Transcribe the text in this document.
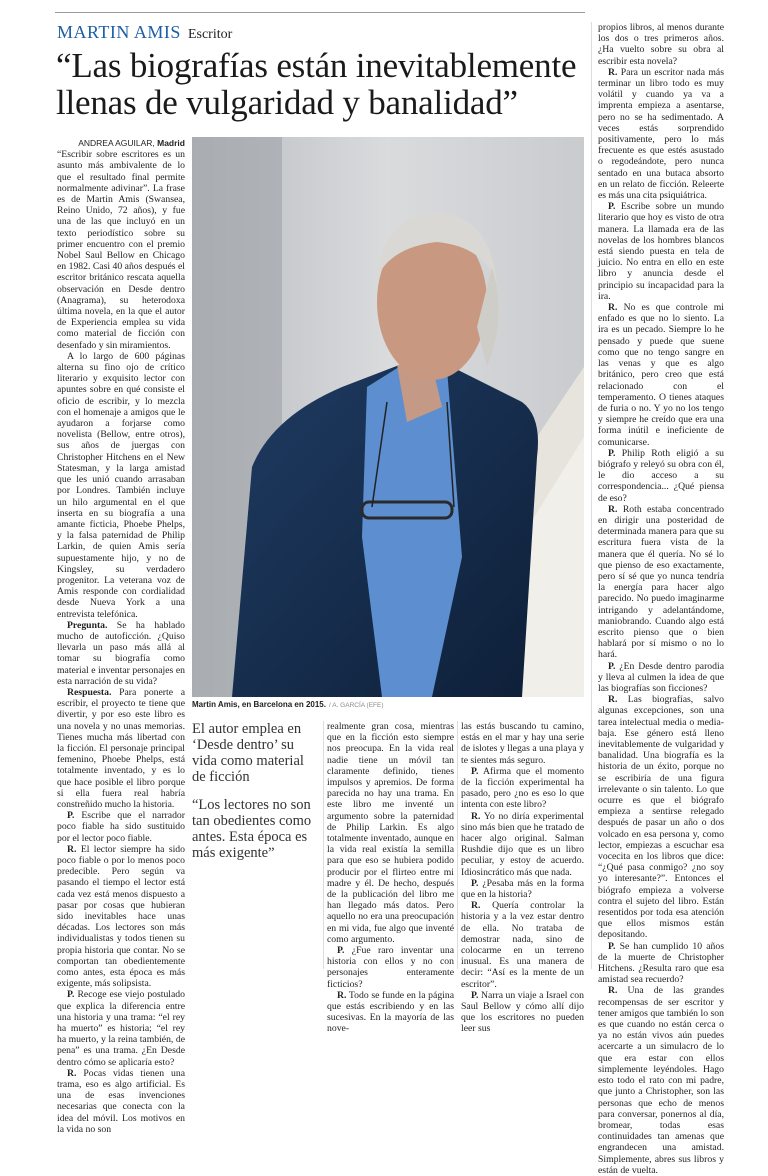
MARTIN AMIS Escritor
“Las biografías están inevitablemente llenas de vulgaridad y banalidad”

ANDREA AGUILAR, Madrid

“Escribir sobre escritores es un asunto más ambivalente de lo que el resultado final permite normalmente adivinar”. La frase es de Martin Amis (Swansea, Reino Unido, 72 años), y fue una de las que incluyó en un texto periodístico sobre su primer encuentro con el premio Nobel Saul Bellow en Chicago en 1982. Casi 40 años después el escritor británico rescata aquella observación en Desde dentro (Anagrama), su heterodoxa última novela, en la que el autor de Experiencia emplea su vida como material de ficción con desenfado y sin miramientos.

A lo largo de 600 páginas alterna su fino ojo de crítico literario y exquisito lector con apuntes sobre en qué consiste el oficio de escribir, y lo mezcla con el homenaje a amigos que le ayudaron a forjarse como novelista (Bellow, entre otros), sus años de juergas con Christopher Hitchens en el New Statesman, y la larga amistad que les unió cuando arrasaban por Londres. También incluye un hilo argumental en el que inserta en su biografía a una amante ficticia, Phoebe Phelps, y la falsa paternidad de Philip Larkin, de quien Amis sería supuestamente hijo, y no de Kingsley, su verdadero progenitor. La veterana voz de Amis responde con cordialidad desde Nueva York a una entrevista telefónica.

Pregunta. Se ha hablado mucho de autoficción. ¿Quiso llevarla un paso más allá al tomar su biografía como material e inventar personajes en esta narración de su vida?

Respuesta. Para ponerte a escribir, el proyecto te tiene que divertir, y por eso este libro es una novela y no unas memorias. Tienes mucha más libertad con la ficción. El personaje principal femenino, Phoebe Phelps, está totalmente inventado, y es lo que hace posible el libro porque si ella fuera real habría constreñido mucho la historia.

P. Escribe que el narrador poco fiable ha sido sustituido por el lector poco fiable.

R. El lector siempre ha sido poco fiable o por lo menos poco predecible. Pero según va pasando el tiempo el lector está cada vez está menos dispuesto a pasar por cosas que hubieran sido inevitables hace unas décadas. Los lectores son más individualistas y todos tienen su propia historia que contar. No se comportan tan obedientemente como antes, esta época es más exigente, más solipsista.

P. Recoge ese viejo postulado que explica la diferencia entre una historia y una trama: “el rey ha muerto” es historia; “el rey ha muerto, y la reina también, de pena” es una trama. ¿En Desde dentro cómo se aplicaría esto?

R. Pocas vidas tienen una trama, eso es algo artificial. Es una de esas invenciones necesarias que conecta con la idea del móvil. Los motivos en la vida no son

Martin Amis, en Barcelona en 2015. / A. GARCÍA (EFE)

El autor emplea en ‘Desde dentro’ su vida como material de ficción

“Los lectores no son tan obedientes como antes. Esta época es más exigente”

realmente gran cosa, mientras que en la ficción esto siempre nos preocupa. En la vida real nadie tiene un móvil tan claramente definido, tienes impulsos y apremios. De forma parecida no hay una trama. En este libro me inventé un argumento sobre la paternidad de Philip Larkin. Es algo totalmente inventado, aunque en la vida real existía la semilla para que eso se hubiera podido producir por el flirteo entre mi madre y él. De hecho, después de la publicación del libro me han llegado más datos. Pero aquello no era una preocupación en mi vida, fue algo que inventé como argumento.

P. ¿Fue raro inventar una historia con ellos y no con personajes enteramente ficticios?

R. Todo se funde en la página que estás escribiendo y en las sucesivas. En la mayoría de las nove-

las estás buscando tu camino, estás en el mar y hay una serie de islotes y llegas a una playa y te sientes más seguro.

P. Afirma que el momento de la ficción experimental ha pasado, pero ¿no es eso lo que intenta con este libro?

R. Yo no diría experimental sino más bien que he tratado de hacer algo original. Salman Rushdie dijo que es un libro peculiar, y estoy de acuerdo. Idiosincrático más que nada.

P. ¿Pesaba más en la forma que en la historia?

R. Quería controlar la historia y a la vez estar dentro de ella. No trataba de demostrar nada, sino de colocarme en un terreno inusual. Es una manera de decir: “Así es la mente de un escritor”.

P. Narra un viaje a Israel con Saul Bellow y cómo allí dijo que los escritores no pueden leer sus

propios libros, al menos durante los dos o tres primeros años. ¿Ha vuelto sobre su obra al escribir esta novela?

R. Para un escritor nada más terminar un libro todo es muy volátil y cuando ya va a imprenta empieza a asentarse, pero no se ha sedimentado. A veces estás sorprendido positivamente, pero lo más frecuente es que estés asustado o regodeándote, pero nunca sentado en una butaca absorto en un relato de ficción. Releerte es más una cita psiquiátrica.

P. Escribe sobre un mundo literario que hoy es visto de otra manera. La llamada era de las novelas de los hombres blancos está siendo puesta en tela de juicio. No entra en ello en este libro y anuncia desde el principio su incapacidad para la ira.

R. No es que controle mi enfado es que no lo siento. La ira es un pecado. Siempre lo he pensado y puede que suene como que no tengo sangre en las venas y que es algo británico, pero creo que está relacionado con el temperamento. O tienes ataques de furia o no. Y yo no los tengo y siempre he creído que era una forma inútil e ineficiente de comunicarse.

P. Philip Roth eligió a su biógrafo y releyó su obra con él, le dio acceso a su correspondencia... ¿Qué piensa de eso?

R. Roth estaba concentrado en dirigir una posteridad de determinada manera para que su escritura fuera vista de la manera que él quería. No sé lo que pienso de eso exactamente, pero sí sé que yo nunca tendría la energía para hacer algo parecido. No puedo imaginarme intrigando y adelantándome, maniobrando. Cuando algo está escrito pienso que o bien hablará por sí mismo o no lo hará.

P. ¿En Desde dentro parodia y lleva al culmen la idea de que las biografías son ficciones?

R. Las biografías, salvo algunas excepciones, son una tarea intelectual media o media-baja. Ese género está lleno inevitablemente de vulgaridad y banalidad. Una biografía es la historia de un éxito, porque no se escribiría de una figura irrelevante o sin talento. Lo que ocurre es que el biógrafo empieza a sentirse relegado después de pasar un año o dos volcado en esa persona y, como lector, empiezas a escuchar esa vocecita en los libros que dice: “¿Qué pasa conmigo? ¿no soy yo interesante?”. Entonces el biógrafo empieza a volverse contra el sujeto del libro. Están resentidos por toda esa atención que ellos mismos están depositando.

P. Se han cumplido 10 años de la muerte de Christopher Hitchens. ¿Resulta raro que esa amistad sea recuerdo?

R. Una de las grandes recompensas de ser escritor y tener amigos que también lo son es que cuando no están cerca o ya no están vivos aún puedes acercarte a un simulacro de lo que era estar con ellos simplemente leyéndoles. Hago esto todo el rato con mi padre, que junto a Christopher, son las personas que echo de menos para conversar, ponernos al día, bromear, todas esas continuidades tan amenas que engrandecen una amistad. Simplemente, abres sus libros y están de vuelta.
